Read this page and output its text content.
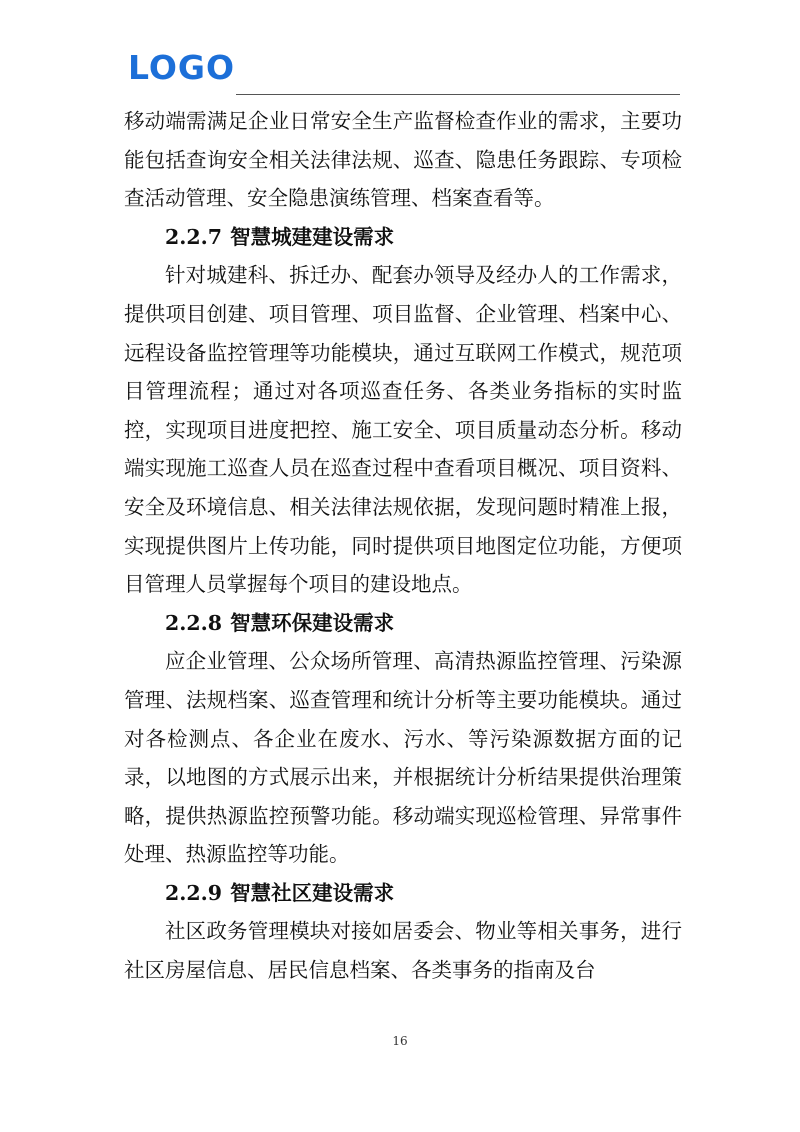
LOGO

移动端需满足企业日常安全生产监督检查作业的需求，主要功能包括查询安全相关法律法规、巡查、隐患任务跟踪、专项检查活动管理、安全隐患演练管理、档案查看等。

2.2.7 智慧城建建设需求

针对城建科、拆迁办、配套办领导及经办人的工作需求，提供项目创建、项目管理、项目监督、企业管理、档案中心、远程设备监控管理等功能模块，通过互联网工作模式，规范项目管理流程；通过对各项巡查任务、各类业务指标的实时监控，实现项目进度把控、施工安全、项目质量动态分析。移动端实现施工巡查人员在巡查过程中查看项目概况、项目资料、安全及环境信息、相关法律法规依据，发现问题时精准上报，实现提供图片上传功能，同时提供项目地图定位功能，方便项目管理人员掌握每个项目的建设地点。

2.2.8 智慧环保建设需求

应企业管理、公众场所管理、高清热源监控管理、污染源管理、法规档案、巡查管理和统计分析等主要功能模块。通过对各检测点、各企业在废水、污水、等污染源数据方面的记录，以地图的方式展示出来，并根据统计分析结果提供治理策略，提供热源监控预警功能。移动端实现巡检管理、异常事件处理、热源监控等功能。

2.2.9 智慧社区建设需求

社区政务管理模块对接如居委会、物业等相关事务，进行社区房屋信息、居民信息档案、各类事务的指南及台

16
